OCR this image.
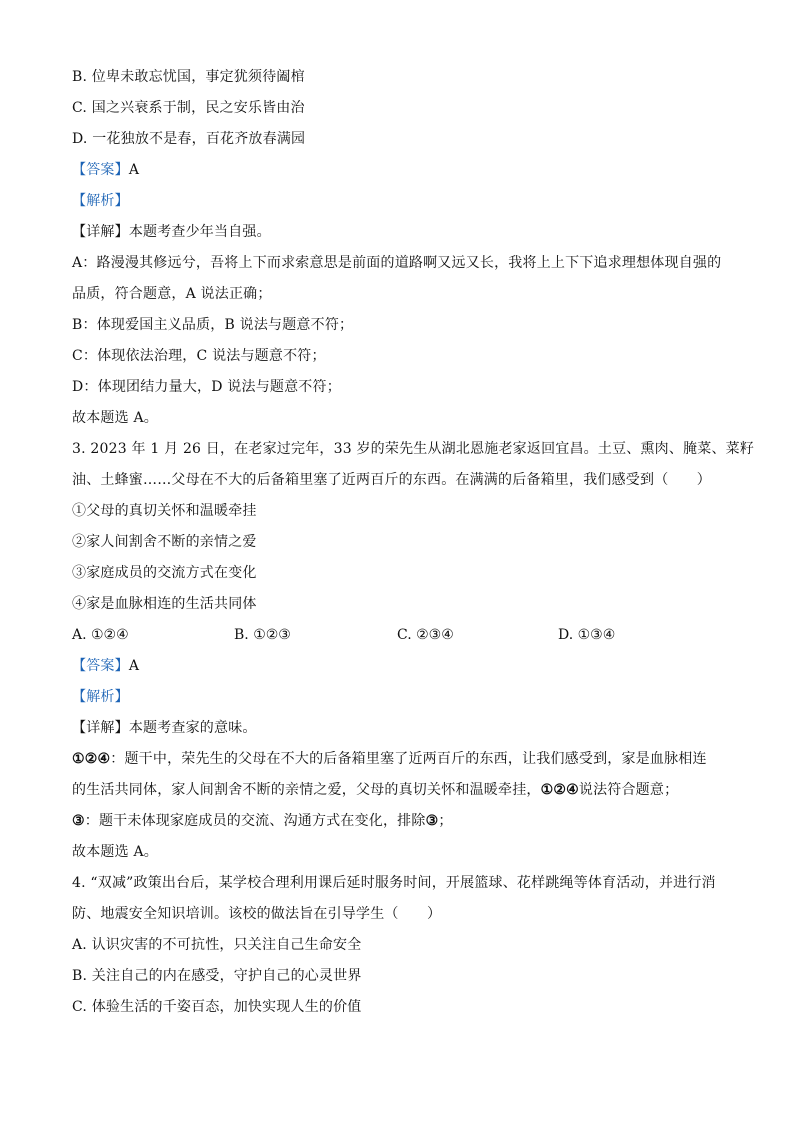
B. 位卑未敢忘忧国，事定犹须待阖棺
C. 国之兴衰系于制，民之安乐皆由治
D. 一花独放不是春，百花齐放春满园
【答案】A
【解析】
【详解】本题考查少年当自强。
A：路漫漫其修远兮，吾将上下而求索意思是前面的道路啊又远又长，我将上上下下追求理想体现自强的
品质，符合题意，A 说法正确；
B：体现爱国主义品质，B 说法与题意不符；
C：体现依法治理，C 说法与题意不符；
D：体现团结力量大，D 说法与题意不符；
故本题选 A。
3. 2023 年 1 月 26 日，在老家过完年，33 岁的荣先生从湖北恩施老家返回宜昌。土豆、熏肉、腌菜、菜籽
油、土蜂蜜……父母在不大的后备箱里塞了近两百斤的东西。在满满的后备箱里，我们感受到（　　）
①父母的真切关怀和温暖牵挂
②家人间割舍不断的亲情之爱
③家庭成员的交流方式在变化
④家是血脉相连的生活共同体
A. ①②④	B. ①②③	C. ②③④	D. ①③④
【答案】A
【解析】
【详解】本题考查家的意味。
①②④：题干中，荣先生的父母在不大的后备箱里塞了近两百斤的东西，让我们感受到，家是血脉相连
的生活共同体，家人间割舍不断的亲情之爱，父母的真切关怀和温暖牵挂，①②④说法符合题意；
③：题干未体现家庭成员的交流、沟通方式在变化，排除③；
故本题选 A。
4. “双减”政策出台后，某学校合理利用课后延时服务时间，开展篮球、花样跳绳等体育活动，并进行消
防、地震安全知识培训。该校的做法旨在引导学生（　　）
A. 认识灾害的不可抗性，只关注自己生命安全
B. 关注自己的内在感受，守护自己的心灵世界
C. 体验生活的千姿百态，加快实现人生的价值
